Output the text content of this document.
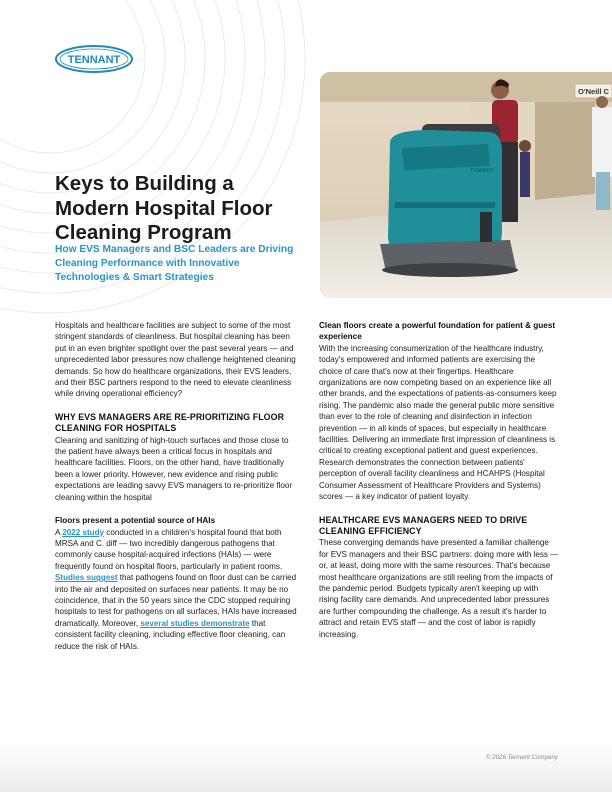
TENNANT
Keys to Building a Modern Hospital Floor Cleaning Program

How EVS Managers and BSC Leaders are Driving Cleaning Performance with Innovative Technologies & Smart Strategies

O'Neill C
TENNANT

Hospitals and healthcare facilities are subject to some of the most stringent standards of cleanliness. But hospital cleaning has been put in an even brighter spotlight over the past several years — and unprecedented labor pressures now challenge heightened cleaning demands. So how do healthcare organizations, their EVS leaders, and their BSC partners respond to the need to elevate cleanliness while driving operational efficiency?

WHY EVS MANAGERS ARE RE-PRIORITIZING FLOOR CLEANING FOR HOSPITALS

Cleaning and sanitizing of high-touch surfaces and those close to the patient have always been a critical focus in hospitals and healthcare facilities. Floors, on the other hand, have traditionally been a lower priority. However, new evidence and rising public expectations are leading savvy EVS managers to re-prioritize floor cleaning within the hospital

Floors present a potential source of HAIs

A 2022 study conducted in a children's hospital found that both MRSA and C. diff — two incredibly dangerous pathogens that commonly cause hospital-acquired infections (HAIs) — were frequently found on hospital floors, particularly in patient rooms. Studies suggest that pathogens found on floor dust can be carried into the air and deposited on surfaces near patients. It may be no coincidence, that in the 50 years since the CDC stopped requiring hospitals to test for pathogens on all surfaces, HAIs have increased dramatically. Moreover, several studies demonstrate that consistent facility cleaning, including effective floor cleaning, can reduce the risk of HAIs.

Clean floors create a powerful foundation for patient & guest experience

With the increasing consumerization of the healthcare industry, today's empowered and informed patients are exercising the choice of care that's now at their fingertips. Healthcare organizations are now competing based on an experience like all other brands, and the expectations of patients-as-consumers keep rising. The pandemic also made the general public more sensitive than ever to the role of cleaning and disinfection in infection prevention — in all kinds of spaces, but especially in healthcare facilities. Delivering an immediate first impression of cleanliness is critical to creating exceptional patient and guest experiences. Research demonstrates the connection between patients' perception of overall facility cleanliness and HCAHPS (Hospital Consumer Assessment of Healthcare Providers and Systems) scores — a key indicator of patient loyalty.

HEALTHCARE EVS MANAGERS NEED TO DRIVE CLEANING EFFICIENCY

These converging demands have presented a familiar challenge for EVS managers and their BSC partners: doing more with less — or, at least, doing more with the same resources. That's because most healthcare organizations are still reeling from the impacts of the pandemic period. Budgets typically aren't keeping up with rising facility care demands. And unprecedented labor pressures are further compounding the challenge. As a result it's harder to attract and retain EVS staff — and the cost of labor is rapidly increasing.

© 2026 Tennant Company
